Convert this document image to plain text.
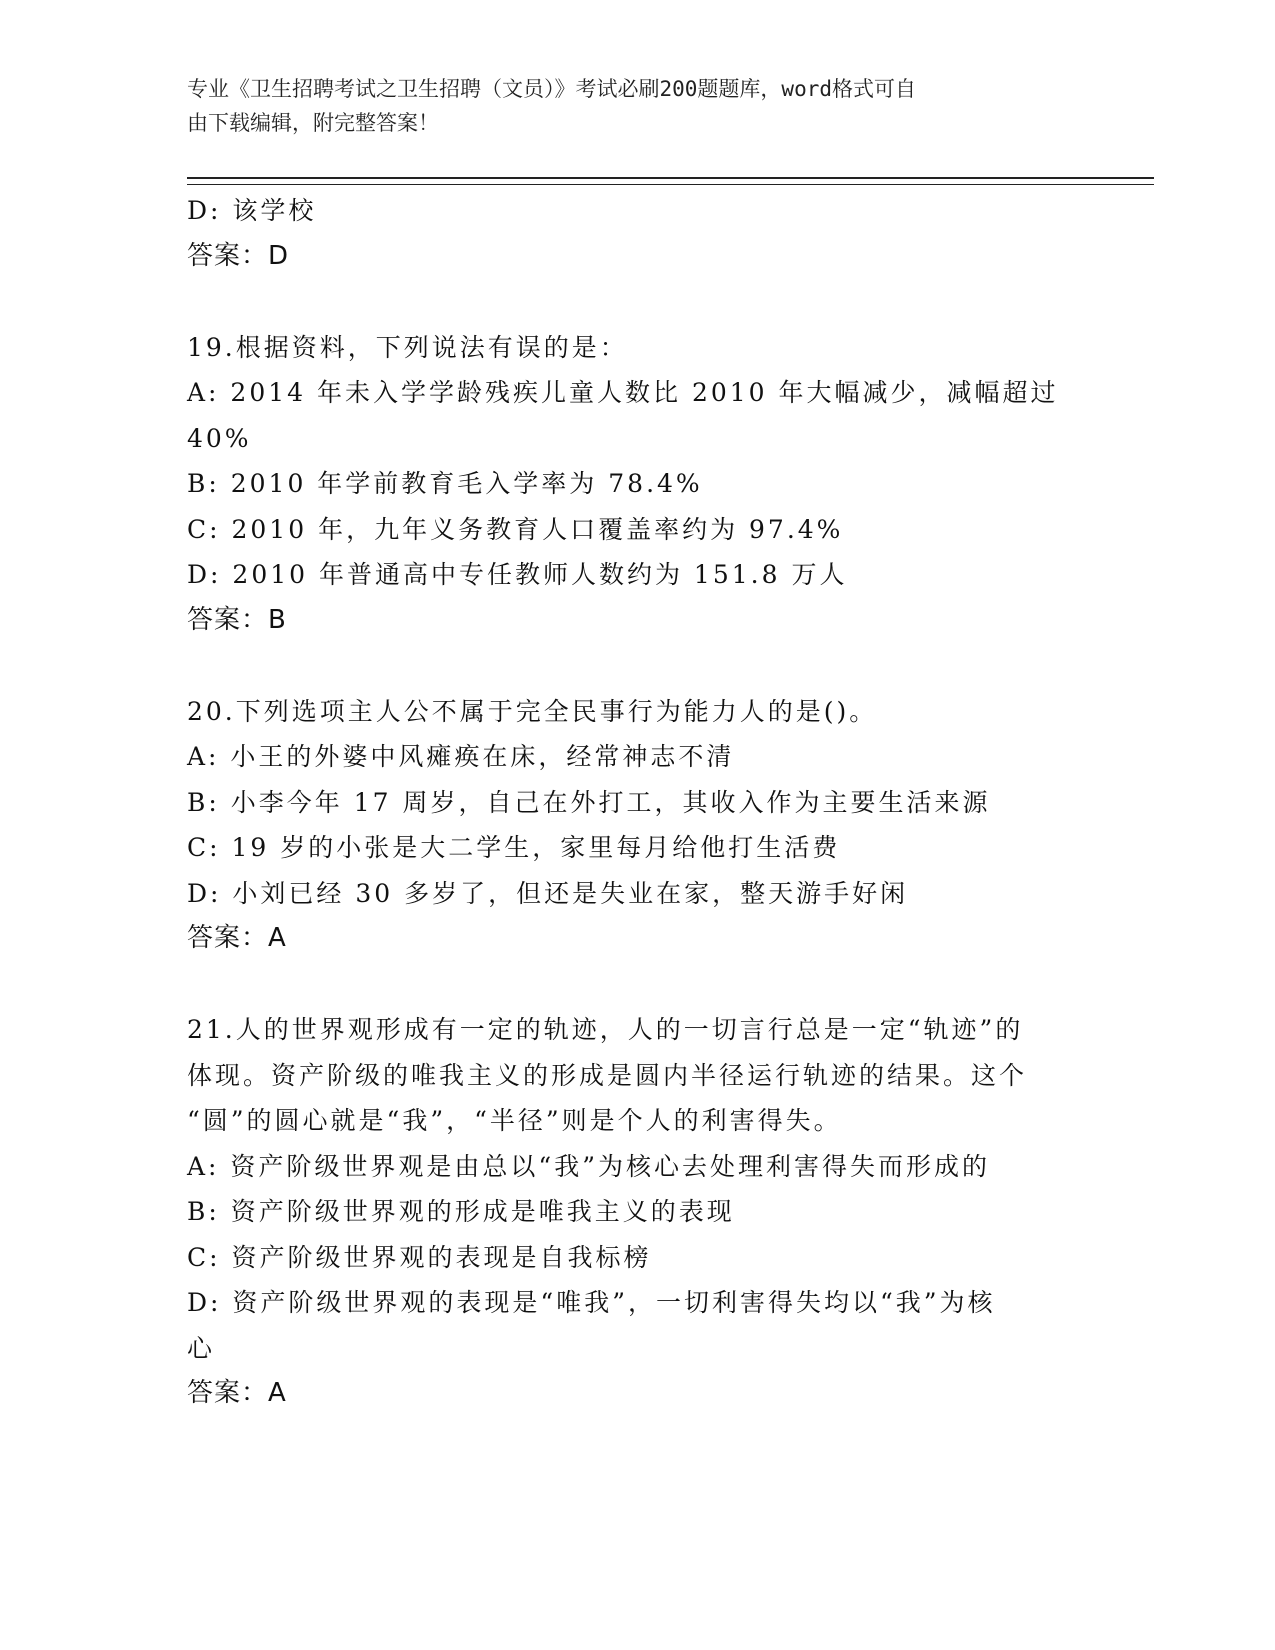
专业《卫生招聘考试之卫生招聘（文员）》考试必刷200题题库，word格式可自
由下载编辑，附完整答案！
D: 该学校
答案：D
19.根据资料，下列说法有误的是：
A: 2014 年未入学学龄残疾儿童人数比 2010 年大幅减少，减幅超过
40%
B: 2010 年学前教育毛入学率为 78.4%
C: 2010 年，九年义务教育人口覆盖率约为 97.4%
D: 2010 年普通高中专任教师人数约为 151.8 万人
答案：B
20.下列选项主人公不属于完全民事行为能力人的是()。
A: 小王的外婆中风瘫痪在床，经常神志不清
B: 小李今年 17 周岁，自己在外打工，其收入作为主要生活来源
C: 19 岁的小张是大二学生，家里每月给他打生活费
D: 小刘已经 30 多岁了，但还是失业在家，整天游手好闲
答案：A
21.人的世界观形成有一定的轨迹，人的一切言行总是一定“轨迹”的
体现。资产阶级的唯我主义的形成是圆内半径运行轨迹的结果。这个
“圆”的圆心就是“我”，“半径”则是个人的利害得失。
A: 资产阶级世界观是由总以“我”为核心去处理利害得失而形成的
B: 资产阶级世界观的形成是唯我主义的表现
C: 资产阶级世界观的表现是自我标榜
D: 资产阶级世界观的表现是“唯我”，一切利害得失均以“我”为核
心
答案：A
